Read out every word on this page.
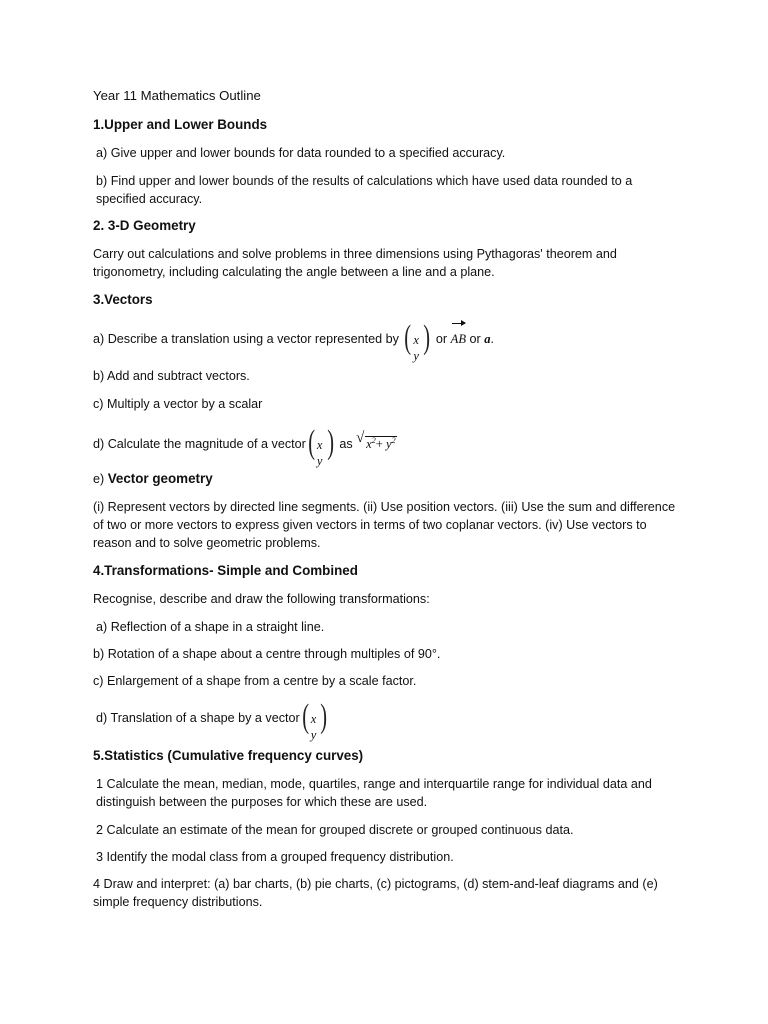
Year 11 Mathematics Outline
1.Upper and Lower Bounds
a) Give upper and lower bounds for data rounded to a specified accuracy.
b) Find upper and lower bounds of the results of calculations which have used data rounded to a specified accuracy.
2. 3-D Geometry
Carry out calculations and solve problems in three dimensions using Pythagoras' theorem and trigonometry, including calculating the angle between a line and a plane.
3.Vectors
a) Describe a translation using a vector represented by ( x
y ) or AB or a.
b) Add and subtract vectors.
c) Multiply a vector by a scalar
d) Calculate the magnitude of a vector ( x
y ) as √ $x^2+ y^2$
e) Vector geometry
(i) Represent vectors by directed line segments. (ii) Use position vectors. (iii) Use the sum and difference of two or more vectors to express given vectors in terms of two coplanar vectors. (iv) Use vectors to reason and to solve geometric problems.
4.Transformations- Simple and Combined
Recognise, describe and draw the following transformations:
a) Reflection of a shape in a straight line.
b) Rotation of a shape about a centre through multiples of 90°.
c) Enlargement of a shape from a centre by a scale factor.
d) Translation of a shape by a vector ( x
y )
5.Statistics (Cumulative frequency curves)
1 Calculate the mean, median, mode, quartiles, range and interquartile range for individual data and distinguish between the purposes for which these are used.
2 Calculate an estimate of the mean for grouped discrete or grouped continuous data.
3 Identify the modal class from a grouped frequency distribution.
4 Draw and interpret: (a) bar charts, (b) pie charts, (c) pictograms, (d) stem-and-leaf diagrams and (e) simple frequency distributions.
